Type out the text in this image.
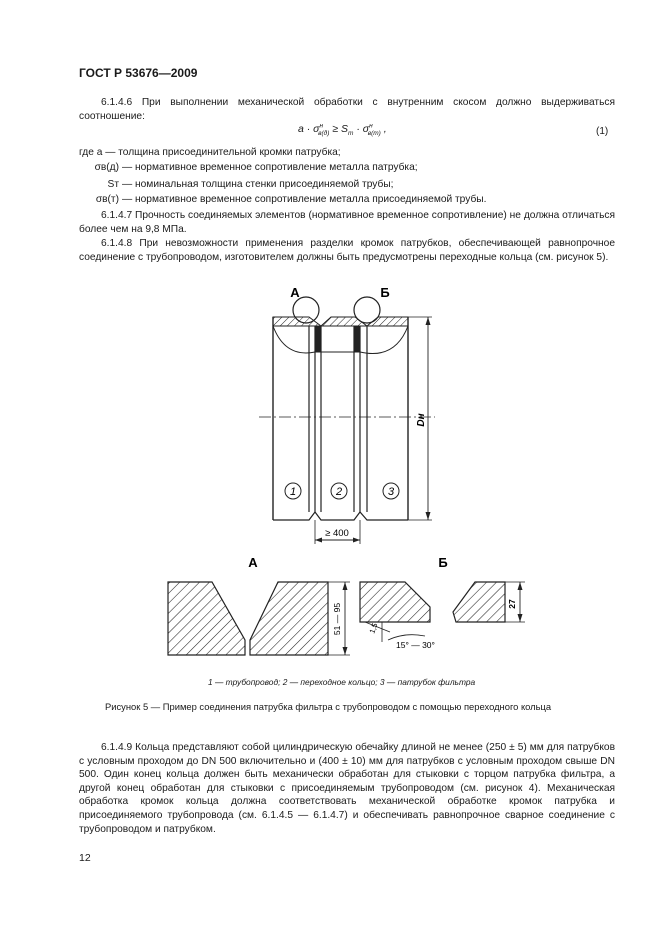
ГОСТ Р 53676—2009
6.1.4.6 При выполнении механической обработки с внутренним скосом должно выдерживаться соотношение:
$a \cdot \sigma^н_{в(д)} \ge S_т \cdot \sigma^н_{в(т)}$ ,	(1)
где a — толщина присоединительной кромки патрубка;
σв(д) — нормативное временное сопротивление металла патрубка;
Sт — номинальная толщина стенки присоединяемой трубы;
σв(т) — нормативное временное сопротивление металла присоединяемой трубы.
6.1.4.7 Прочность соединяемых элементов (нормативное временное сопротивление) не должна отличаться более чем на 9,8 МПа.
6.1.4.8 При невозможности применения разделки кромок патрубков, обеспечивающей равнопрочное соединение с трубопроводом, изготовителем должны быть предусмотрены переходные кольца (см. рисунок 5).
Dн
≥ 400
1	2	3
А	Б
А
51 — 95
Б
27
1,5
15° — 30°
1 — трубопровод; 2 — переходное кольцо; 3 — патрубок фильтра
Рисунок 5 — Пример соединения патрубка фильтра с трубопроводом с помощью переходного кольца
6.1.4.9 Кольца представляют собой цилиндрическую обечайку длиной не менее (250 ± 5) мм для патрубков с условным проходом до DN 500 включительно и (400 ± 10) мм для патрубков с условным проходом свыше DN 500. Один конец кольца должен быть механически обработан для стыковки с торцом патрубка фильтра, а другой конец обработан для стыковки с присоединяемым трубопроводом (см. рисунок 4). Механическая обработка кромок кольца должна соответствовать механической обработке кромок патрубка и присоединяемого трубопровода (см. 6.1.4.5 — 6.1.4.7) и обеспечивать равнопрочное сварное соединение с трубопроводом и патрубком.
12
